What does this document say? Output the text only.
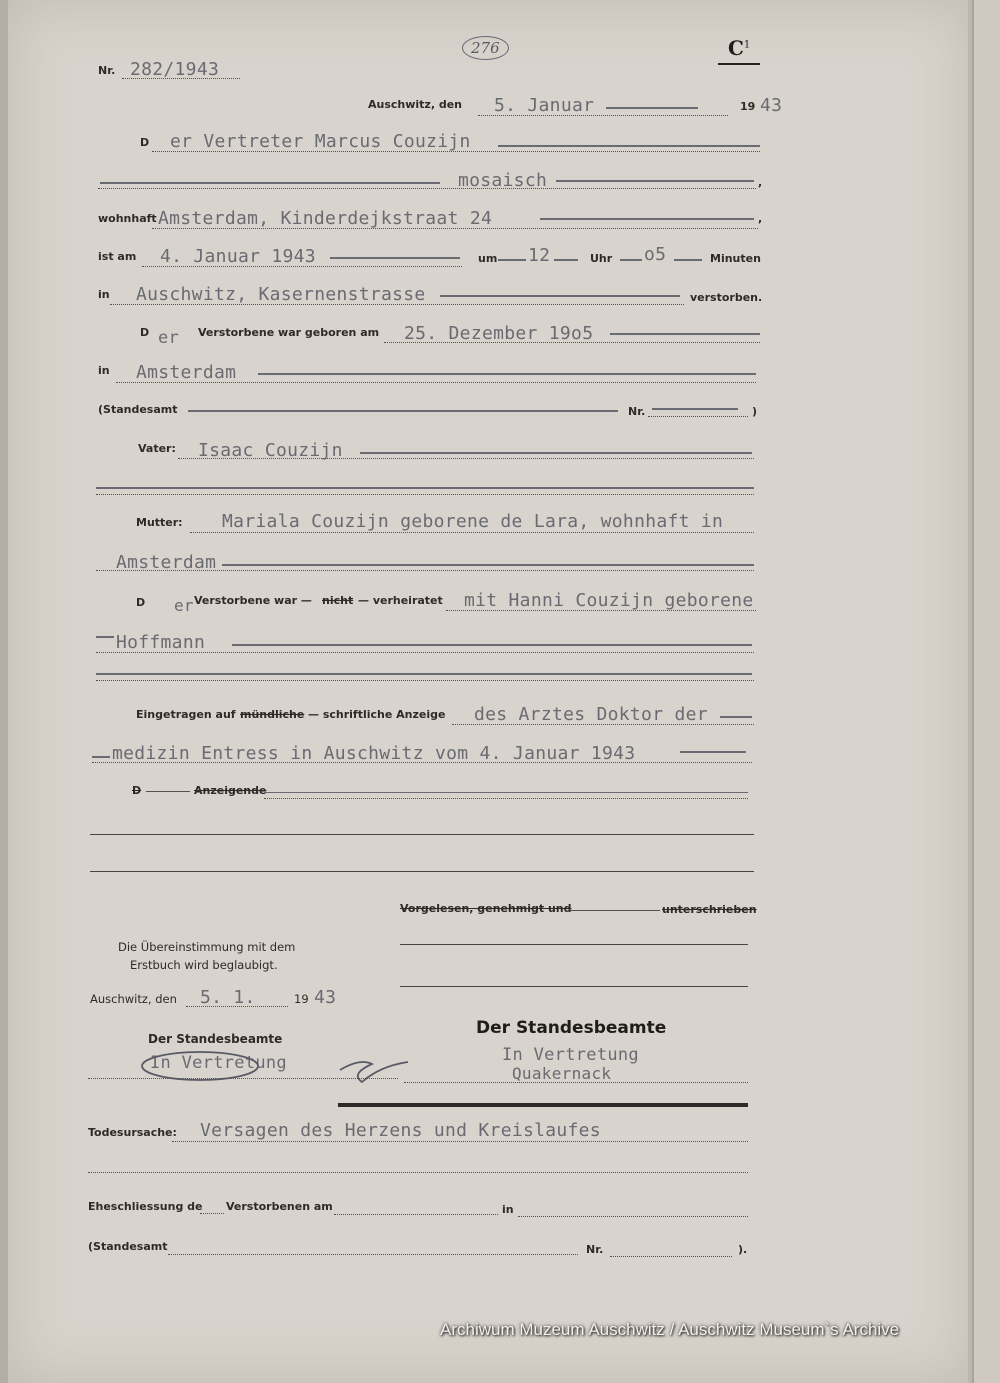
Nr. 282/1943
276	$C^1$
Auschwitz, den 5. Januar	19 43
D er Vertreter Marcus Couzijn
mosaisch	,
wohnhaft Amsterdam, Kinderdejkstraat 24	,
ist am 4. Januar 1943	um 12	Uhr o5	Minuten
in Auschwitz, Kasernenstrasse	verstorben.
D er Verstorbene war geboren am 25. Dezember 19o5
in Amsterdam
(Standesamt	Nr.	)
Vater: Isaac Couzijn
Mutter: Mariala Couzijn geborene de Lara, wohnhaft in
Amsterdam
D er Verstorbene war — nicht — verheiratet mit Hanni Couzijn geborene
Hoffmann
Eingetragen auf mündliche — schriftliche Anzeige des Arztes Doktor der
medizin Entress in Auschwitz vom 4. Januar 1943
D	Anzeigende
Vorgelesen, genehmigt und	unterschrieben
Die Übereinstimmung mit dem
Erstbuch wird beglaubigt.
Auschwitz, den 5. 1.	19 43
Der Standesbeamte
In Vertretung
Der Standesbeamte
In Vertretung
Quakernack
Todesursache: Versagen des Herzens und Kreislaufes
Eheschliessung de Verstorbenen am	in
(Standesamt	Nr.	).
Archiwum Muzeum Auschwitz / Auschwitz Museum`s Archive
